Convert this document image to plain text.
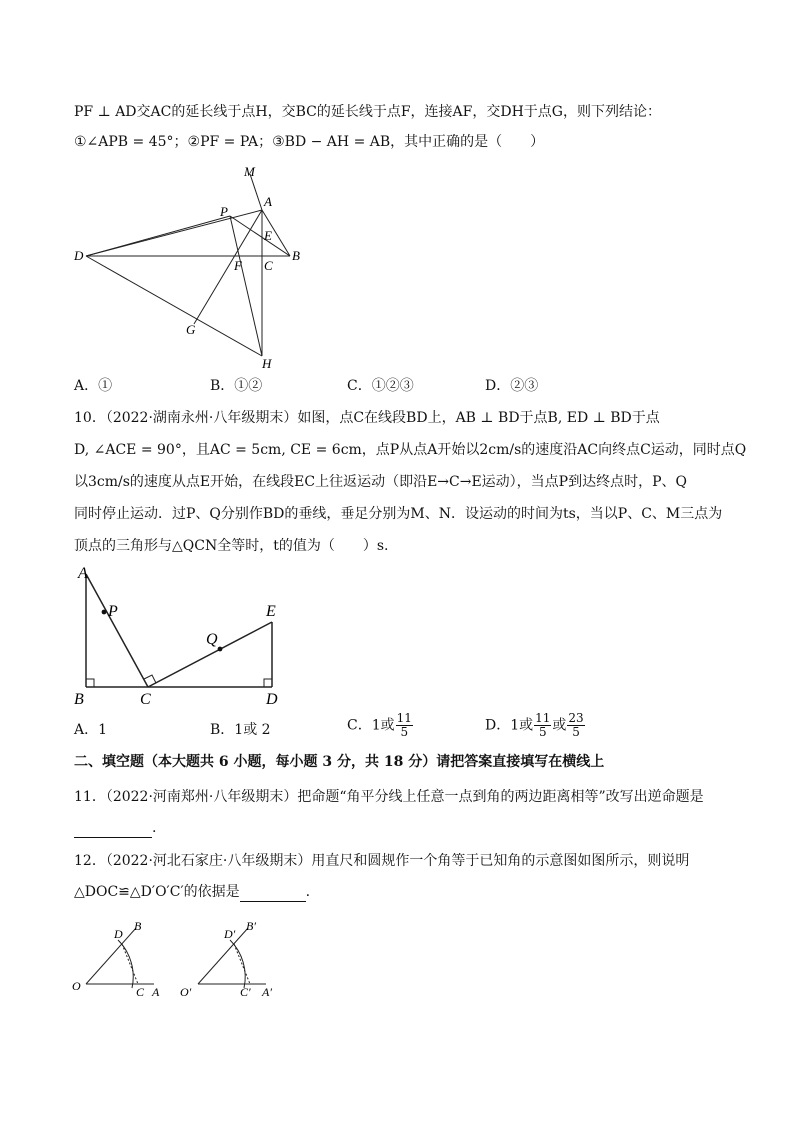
PF ⊥ AD交AC的延长线于点H，交BC的延长线于点F，连接AF，交DH于点G，则下列结论：
①∠APB = 45°；②PF = PA；③BD − AH = AB，其中正确的是（　　）
M
P
A
E
B
D
F C
G
H
A．①	B．①②	C．①②③	D．②③
10．（2022·湖南永州·八年级期末）如图，点C在线段BD上，AB ⊥ BD于点B, ED ⊥ BD于点
D, ∠ACE = 90°，且AC = 5cm, CE = 6cm，点P从点A开始以2cm/s的速度沿AC向终点C运动，同时点Q
以3cm/s的速度从点E开始，在线段EC上往返运动（即沿E→C→E运动），当点P到达终点时，P、Q
同时停止运动．过P、Q分别作BD的垂线，垂足分别为M、N．设运动的时间为ts，当以P、C、M三点为
顶点的三角形与△QCN全等时，t的值为（　　）s.
A
P	E
Q
B	C	D
A．1	B．1或 2	C．1或 $\frac{11}{5}$	D．1或 $\frac{11}{5}$ 或 $\frac{23}{5}$
二、填空题（本大题共 6 小题，每小题 3 分，共 18 分）请把答案直接填写在横线上
11．（2022·河南郑州·八年级期末）把命题“角平分线上任意一点到角的两边距离相等”改写出逆命题是
.
12．（2022·河北石家庄·八年级期末）用直尺和圆规作一个角等于已知角的示意图如图所示，则说明
△DOC≌△D′O′C′的依据是	.
D
B
O	C A
D′
B′
O′	C′ A′
